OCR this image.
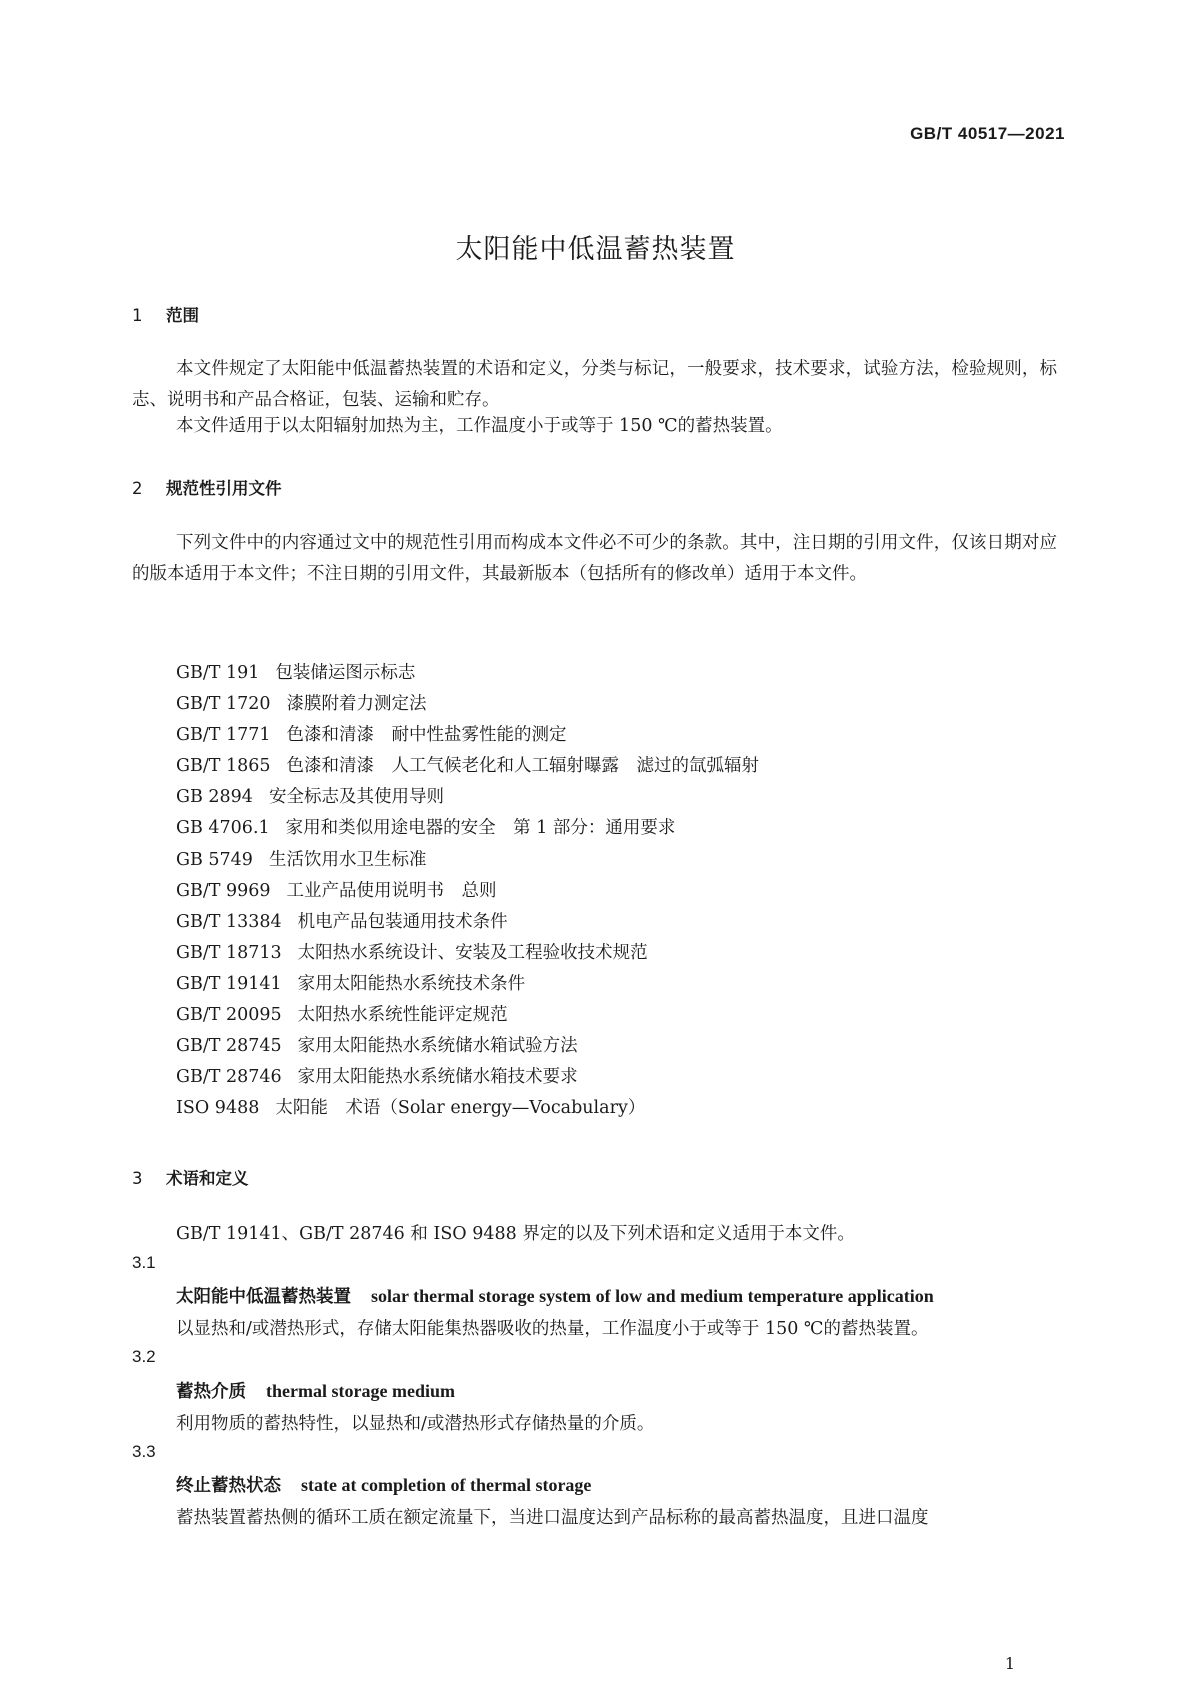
GB/T 40517—2021
太阳能中低温蓄热装置
1 范围
本文件规定了太阳能中低温蓄热装置的术语和定义，分类与标记，一般要求，技术要求，试验方法，检验规则，标志、说明书和产品合格证，包装、运输和贮存。
本文件适用于以太阳辐射加热为主，工作温度小于或等于 150 ℃的蓄热装置。
2 规范性引用文件
下列文件中的内容通过文中的规范性引用而构成本文件必不可少的条款。其中，注日期的引用文件，仅该日期对应的版本适用于本文件；不注日期的引用文件，其最新版本（包括所有的修改单）适用于本文件。
GB/T 191 包装储运图示标志
GB/T 1720 漆膜附着力测定法
GB/T 1771 色漆和清漆　耐中性盐雾性能的测定
GB/T 1865 色漆和清漆　人工气候老化和人工辐射曝露　滤过的氙弧辐射
GB 2894 安全标志及其使用导则
GB 4706.1 家用和类似用途电器的安全　第 1 部分：通用要求
GB 5749 生活饮用水卫生标准
GB/T 9969 工业产品使用说明书　总则
GB/T 13384 机电产品包装通用技术条件
GB/T 18713 太阳热水系统设计、安装及工程验收技术规范
GB/T 19141 家用太阳能热水系统技术条件
GB/T 20095 太阳热水系统性能评定规范
GB/T 28745 家用太阳能热水系统储水箱试验方法
GB/T 28746 家用太阳能热水系统储水箱技术要求
ISO 9488 太阳能　术语（Solar energy—Vocabulary）
3 术语和定义
GB/T 19141、GB/T 28746 和 ISO 9488 界定的以及下列术语和定义适用于本文件。
3.1
太阳能中低温蓄热装置 solar thermal storage system of low and medium temperature application
以显热和/或潜热形式，存储太阳能集热器吸收的热量，工作温度小于或等于 150 ℃的蓄热装置。
3.2
蓄热介质 thermal storage medium
利用物质的蓄热特性，以显热和/或潜热形式存储热量的介质。
3.3
终止蓄热状态 state at completion of thermal storage
蓄热装置蓄热侧的循环工质在额定流量下，当进口温度达到产品标称的最高蓄热温度，且进口温度
1
